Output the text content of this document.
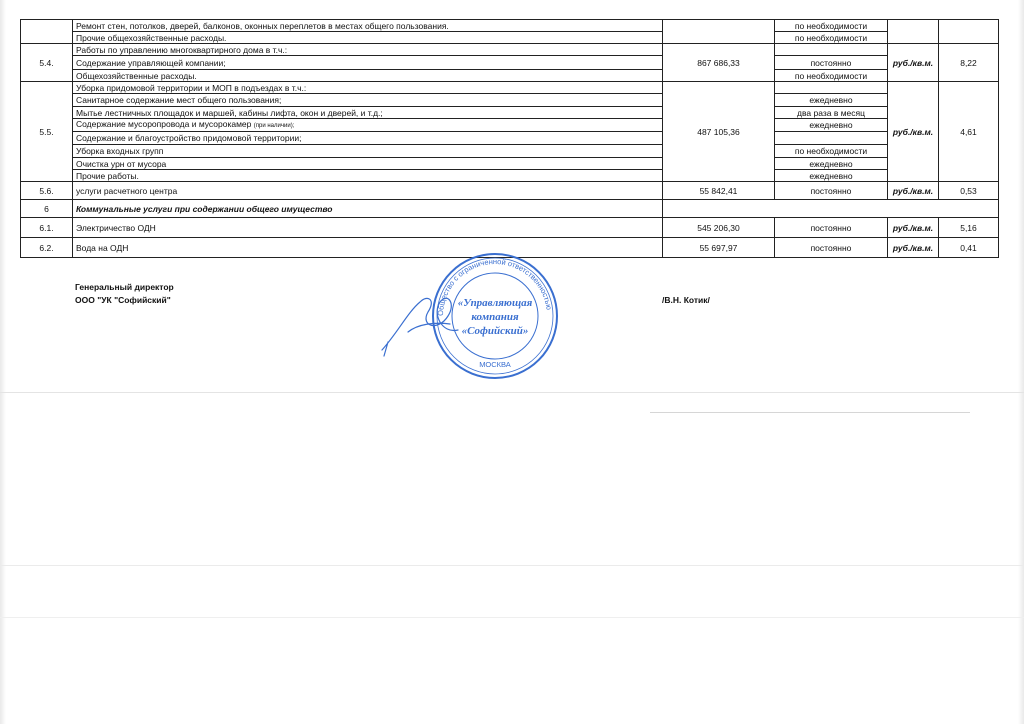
	Ремонт стен, потолков, дверей, балконов, оконных переплетов в местах общего пользования.		по необходимости		
	Прочие общехозяйственные расходы.		по необходимости		
5.4.	Работы по управлению многоквартирного дома в т.ч.:	867 686,33		руб./кв.м.	8,22
	Содержание управляющей компании;		постоянно		
	Общехозяйственные расходы.		по необходимости		
5.5.	Уборка придомовой территории и МОП в подъездах в т.ч.:	487 105,36		руб./кв.м.	4,61
	Санитарное содержание мест общего пользования;		ежедневно		
	Мытье лестничных площадок и маршей, кабины лифта, окон и дверей, и т.д.;		два раза в месяц		
	Содержание мусоропровода и мусорокамер (при наличии);		ежедневно		
	Содержание и благоустройство придомовой территории;				
	Уборка входных групп		по необходимости		
	Очистка урн от мусора		ежедневно		
	Прочие работы.		ежедневно		
5.6.	услуги расчетного центра	55 842,41	постоянно	руб./кв.м.	0,53
6	Коммунальные услуги при содержании общего имущество				
6.1.	Электричество ОДН	545 206,30	постоянно	руб./кв.м.	5,16
6.2.	Вода на ОДН	55 697,97	постоянно	руб./кв.м.	0,41
Генеральный директор
ООО "УК "Софийский"	/В.Н. Котик/
Общество с ограниченной ответственностью
«Управляющая
компания
«Софийский»
МОСКВА
